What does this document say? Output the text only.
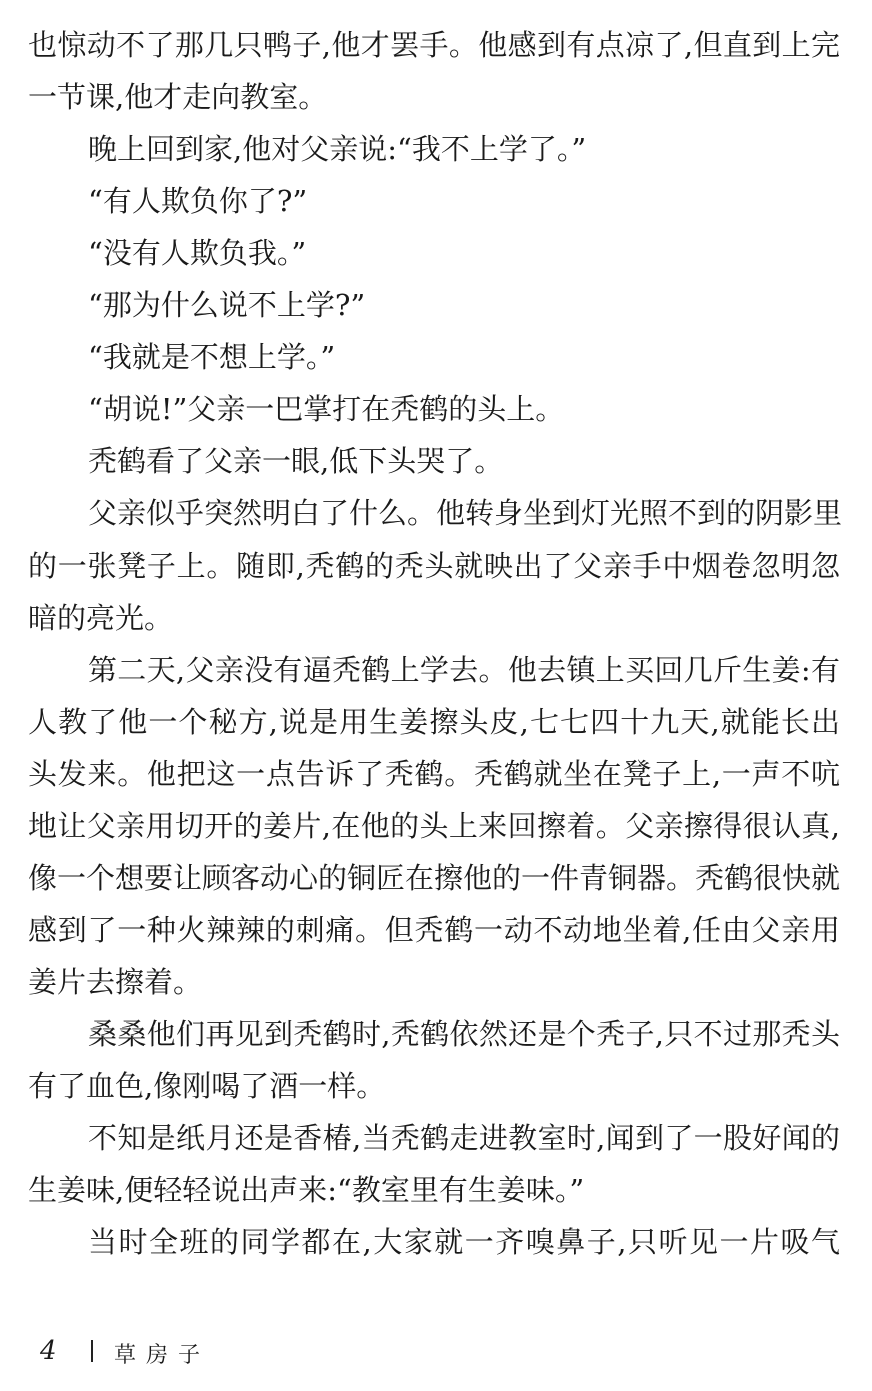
也惊动不了那几只鸭子,他才罢手。他感到有点凉了,但直到上完
一节课,他才走向教室。
晚上回到家,他对父亲说:“我不上学了。”
“有人欺负你了?”
“没有人欺负我。”
“那为什么说不上学?”
“我就是不想上学。”
“胡说!”父亲一巴掌打在秃鹤的头上。
秃鹤看了父亲一眼,低下头哭了。
父亲似乎突然明白了什么。他转身坐到灯光照不到的阴影里
的一张凳子上。随即,秃鹤的秃头就映出了父亲手中烟卷忽明忽
暗的亮光。
第二天,父亲没有逼秃鹤上学去。他去镇上买回几斤生姜:有
人教了他一个秘方,说是用生姜擦头皮,七七四十九天,就能长出
头发来。他把这一点告诉了秃鹤。秃鹤就坐在凳子上,一声不吭
地让父亲用切开的姜片,在他的头上来回擦着。父亲擦得很认真,
像一个想要让顾客动心的铜匠在擦他的一件青铜器。秃鹤很快就
感到了一种火辣辣的刺痛。但秃鹤一动不动地坐着,任由父亲用
姜片去擦着。
桑桑他们再见到秃鹤时,秃鹤依然还是个秃子,只不过那秃头
有了血色,像刚喝了酒一样。
不知是纸月还是香椿,当秃鹤走进教室时,闻到了一股好闻的
生姜味,便轻轻说出声来:“教室里有生姜味。”
当时全班的同学都在,大家就一齐嗅鼻子,只听见一片吸气
4	草房子
